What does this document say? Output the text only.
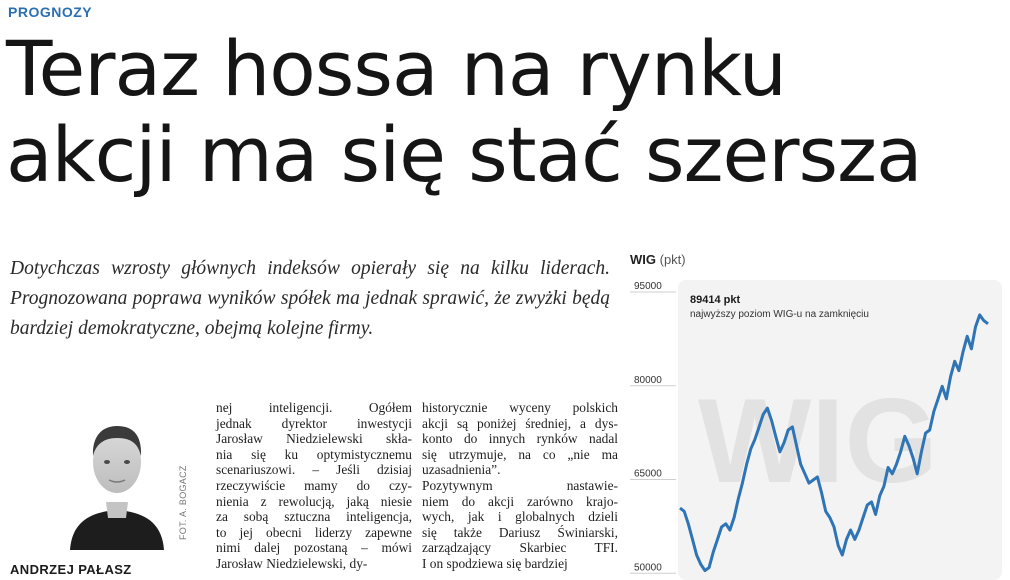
PROGNOZY
Teraz hossa na rynku
akcji ma się stać szersza

Dotychczas wzrosty głównych indeksów opierały się na kilku liderach. Prognozowana poprawa wyników spółek ma jednak sprawić, że zwyżki będą bardziej demokratyczne, obejmą kolejne firmy.

FOT. A. BOGACZ
ANDRZEJ PAŁASZ
nej inteligencji. Ogółem
jednak dyrektor inwestycji
Jarosław Niedzielewski skła-
nia się ku optymistycznemu
scenariuszowi. – Jeśli dzisiaj
rzeczywiście mamy do czy-
nienia z rewolucją, jaką niesie
za sobą sztuczna inteligencja,
to jej obecni liderzy zapewne
nimi dalej pozostaną – mówi
Jarosław Niedzielewski, dy-
historycznie wyceny polskich
akcji są poniżej średniej, a dys-
konto do innych rynków nadal
się utrzymuje, na co „nie ma
uzasadnienia”.
Pozytywnym nastawie-
niem do akcji zarówno krajo-
wych, jak i globalnych dzieli
się także Dariusz Świniarski,
zarządzający Skarbiec TFI.
I on spodziewa się bardziej
WIG (pkt)
WIG
95000
80000
65000
50000
89414 pkt
najwyższy poziom WIG-u na zamknięciu
